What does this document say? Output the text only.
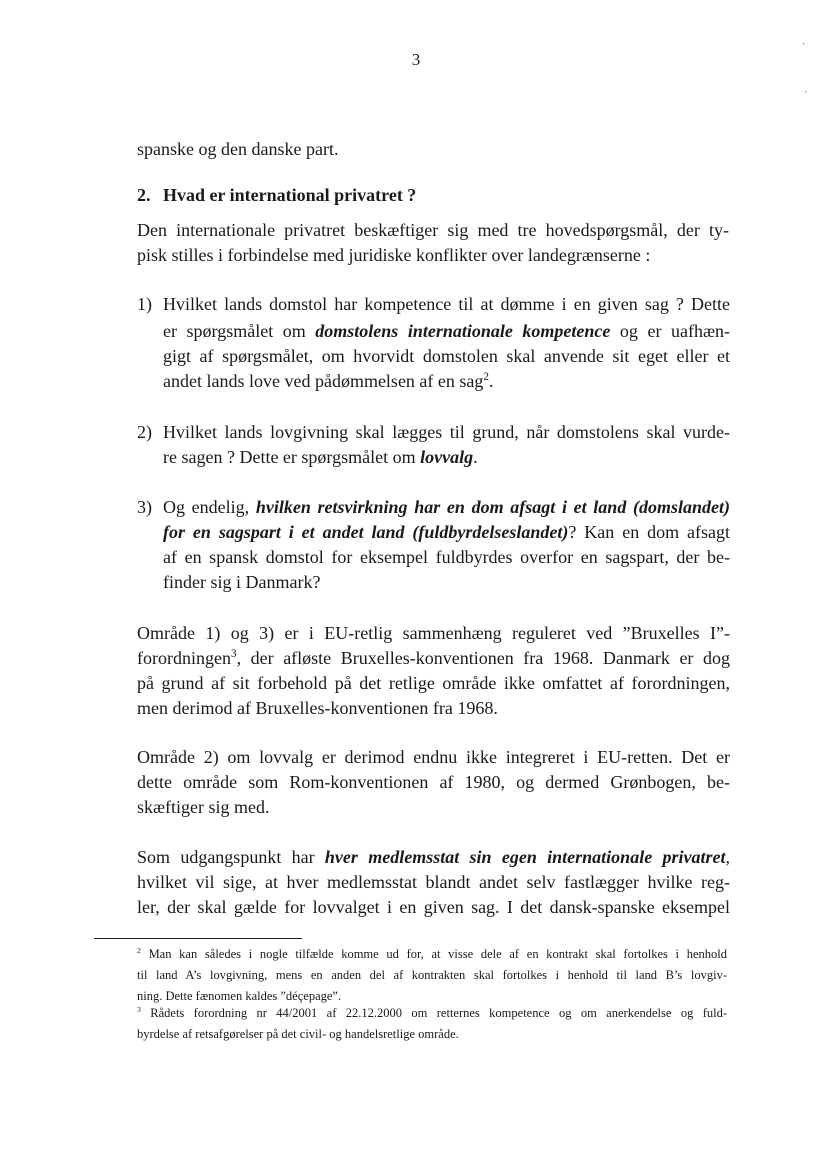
3
ˏ
ˎ
spanske og den danske part.
2. Hvad er international privatret ?
Den internationale privatret beskæftiger sig med tre hovedspørgsmål, der ty-
pisk stilles i forbindelse med juridiske konflikter over landegrænserne :
1) Hvilket lands domstol har kompetence til at dømme i en given sag ? Dette
er spørgsmålet om domstolens internationale kompetence og er uafhæn-
gigt af spørgsmålet, om hvorvidt domstolen skal anvende sit eget eller et
andet lands love ved pådømmelsen af en sag$^2$.
2) Hvilket lands lovgivning skal lægges til grund, når domstolens skal vurde-
re sagen ? Dette er spørgsmålet om lovvalg.
3) Og endelig, hvilken retsvirkning har en dom afsagt i et land (domslandet)
for en sagspart i et andet land (fuldbyrdelseslandet)? Kan en dom afsagt
af en spansk domstol for eksempel fuldbyrdes overfor en sagspart, der be-
finder sig i Danmark?
Område 1) og 3) er i EU-retlig sammenhæng reguleret ved ”Bruxelles I”-
forordningen$^3$, der afløste Bruxelles-konventionen fra 1968. Danmark er dog
på grund af sit forbehold på det retlige område ikke omfattet af forordningen,
men derimod af Bruxelles-konventionen fra 1968.
Område 2) om lovvalg er derimod endnu ikke integreret i EU-retten. Det er
dette område som Rom-konventionen af 1980, og dermed Grønbogen, be-
skæftiger sig med.
Som udgangspunkt har hver medlemsstat sin egen internationale privatret,
hvilket vil sige, at hver medlemsstat blandt andet selv fastlægger hvilke reg-
ler, der skal gælde for lovvalget i en given sag. I det dansk-spanske eksempel
$^2$ Man kan således i nogle tilfælde komme ud for, at visse dele af en kontrakt skal fortolkes i henhold
til land A’s lovgivning, mens en anden del af kontrakten skal fortolkes i henhold til land B’s lovgiv-
ning. Dette fænomen kaldes ”déçepage”.
$^3$ Rådets forordning nr 44/2001 af 22.12.2000 om retternes kompetence og om anerkendelse og fuld-
byrdelse af retsafgørelser på det civil- og handelsretlige område.
